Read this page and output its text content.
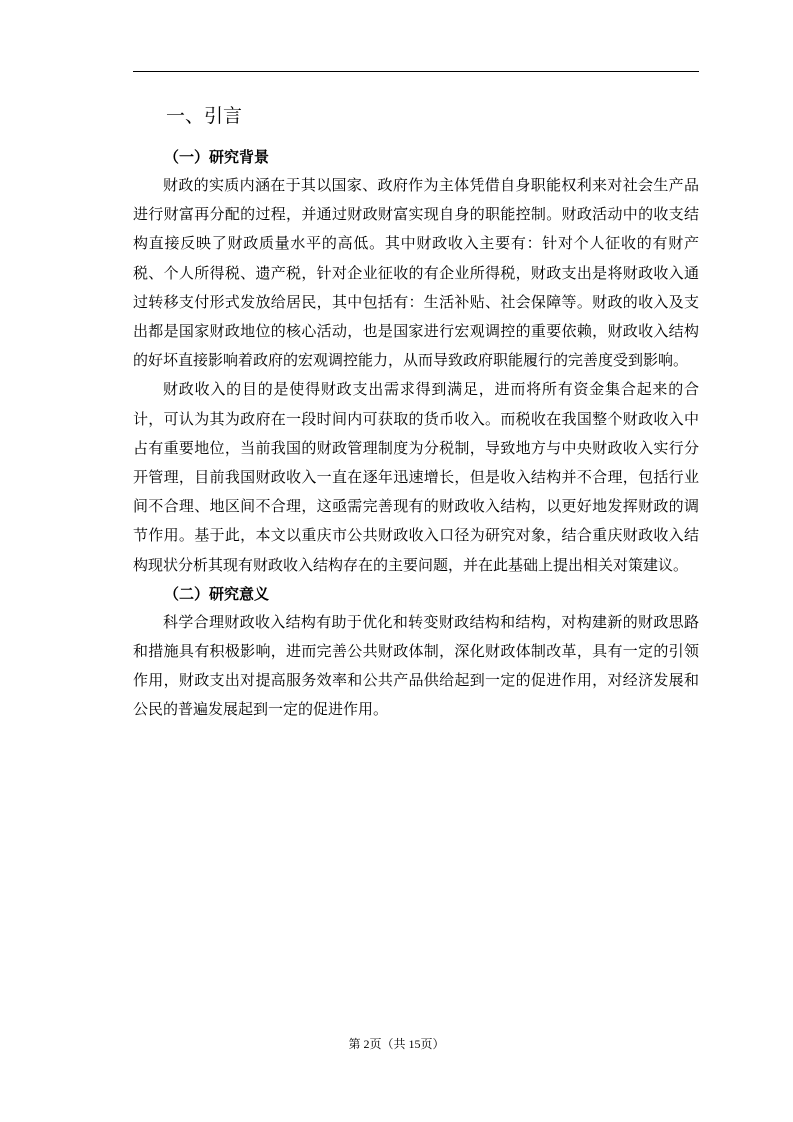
一、引言
（一）研究背景

财政的实质内涵在于其以国家、政府作为主体凭借自身职能权利来对社会生产品进行财富再分配的过程，并通过财政财富实现自身的职能控制。财政活动中的收支结构直接反映了财政质量水平的高低。其中财政收入主要有：针对个人征收的有财产税、个人所得税、遗产税，针对企业征收的有企业所得税，财政支出是将财政收入通过转移支付形式发放给居民，其中包括有：生活补贴、社会保障等。财政的收入及支出都是国家财政地位的核心活动，也是国家进行宏观调控的重要依赖，财政收入结构的好坏直接影响着政府的宏观调控能力，从而导致政府职能履行的完善度受到影响。

财政收入的目的是使得财政支出需求得到满足，进而将所有资金集合起来的合计，可认为其为政府在一段时间内可获取的货币收入。而税收在我国整个财政收入中占有重要地位，当前我国的财政管理制度为分税制，导致地方与中央财政收入实行分开管理，目前我国财政收入一直在逐年迅速增长，但是收入结构并不合理，包括行业间不合理、地区间不合理，这亟需完善现有的财政收入结构，以更好地发挥财政的调节作用。基于此，本文以重庆市公共财政收入口径为研究对象，结合重庆财政收入结构现状分析其现有财政收入结构存在的主要问题，并在此基础上提出相关对策建议。

（二）研究意义

科学合理财政收入结构有助于优化和转变财政结构和结构，对构建新的财政思路和措施具有积极影响，进而完善公共财政体制，深化财政体制改革，具有一定的引领作用，财政支出对提高服务效率和公共产品供给起到一定的促进作用，对经济发展和公民的普遍发展起到一定的促进作用。

第 2页（共 15页）
